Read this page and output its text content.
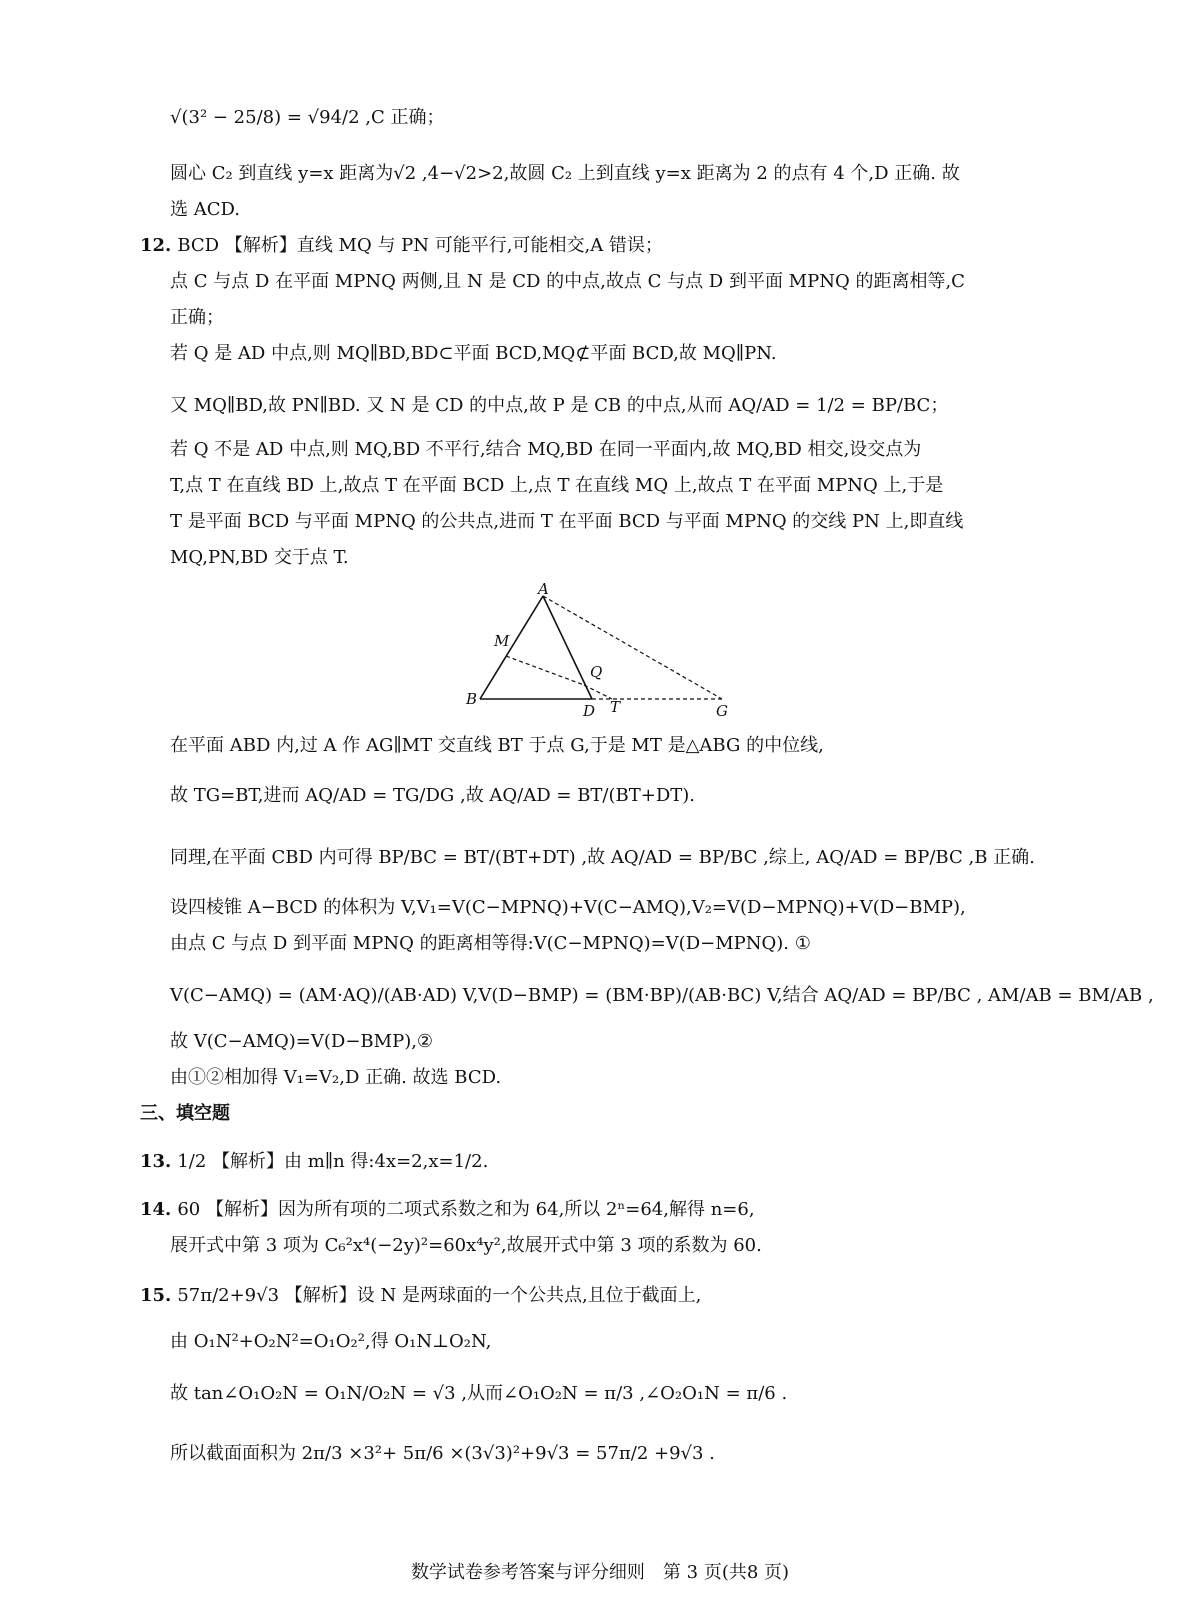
√(3² − 25/8) = √94/2 ,C 正确；
圆心 C₂ 到直线 y=x 距离为√2 ,4−√2>2,故圆 C₂ 上到直线 y=x 距离为 2 的点有 4 个,D 正确. 故
选 ACD.
12. BCD 【解析】直线 MQ 与 PN 可能平行,可能相交,A 错误；
点 C 与点 D 在平面 MPNQ 两侧,且 N 是 CD 的中点,故点 C 与点 D 到平面 MPNQ 的距离相等,C
正确；
若 Q 是 AD 中点,则 MQ∥BD,BD⊂平面 BCD,MQ⊄平面 BCD,故 MQ∥PN.
又 MQ∥BD,故 PN∥BD. 又 N 是 CD 的中点,故 P 是 CB 的中点,从而 AQ/AD = 1/2 = BP/BC；
若 Q 不是 AD 中点,则 MQ,BD 不平行,结合 MQ,BD 在同一平面内,故 MQ,BD 相交,设交点为
T,点 T 在直线 BD 上,故点 T 在平面 BCD 上,点 T 在直线 MQ 上,故点 T 在平面 MPNQ 上,于是
T 是平面 BCD 与平面 MPNQ 的公共点,进而 T 在平面 BCD 与平面 MPNQ 的交线 PN 上,即直线
MQ,PN,BD 交于点 T.
A
M
Q
B
D T	G
在平面 ABD 内,过 A 作 AG∥MT 交直线 BT 于点 G,于是 MT 是△ABG 的中位线,
故 TG=BT,进而 AQ/AD = TG/DG ,故 AQ/AD = BT/(BT+DT).
同理,在平面 CBD 内可得 BP/BC = BT/(BT+DT) ,故 AQ/AD = BP/BC ,综上, AQ/AD = BP/BC ,B 正确.
设四棱锥 A−BCD 的体积为 V,V₁=V(C−MPNQ)+V(C−AMQ),V₂=V(D−MPNQ)+V(D−BMP),
由点 C 与点 D 到平面 MPNQ 的距离相等得:V(C−MPNQ)=V(D−MPNQ). ①
V(C−AMQ) = (AM·AQ)/(AB·AD) V,V(D−BMP) = (BM·BP)/(AB·BC) V,结合 AQ/AD = BP/BC , AM/AB = BM/AB ,
故 V(C−AMQ)=V(D−BMP),②
由①②相加得 V₁=V₂,D 正确. 故选 BCD.
三、填空题
13. 1/2 【解析】由 m∥n 得:4x=2,x=1/2.
14. 60 【解析】因为所有项的二项式系数之和为 64,所以 2ⁿ=64,解得 n=6,
展开式中第 3 项为 C₆²x⁴(−2y)²=60x⁴y²,故展开式中第 3 项的系数为 60.
15. 57π/2+9√3 【解析】设 N 是两球面的一个公共点,且位于截面上,
由 O₁N²+O₂N²=O₁O₂²,得 O₁N⊥O₂N,
故 tan∠O₁O₂N = O₁N/O₂N = √3 ,从而∠O₁O₂N = π/3 ,∠O₂O₁N = π/6 .
所以截面面积为 2π/3 ×3²+ 5π/6 ×(3√3)²+9√3 = 57π/2 +9√3 .
数学试卷参考答案与评分细则　第 3 页(共8 页)
